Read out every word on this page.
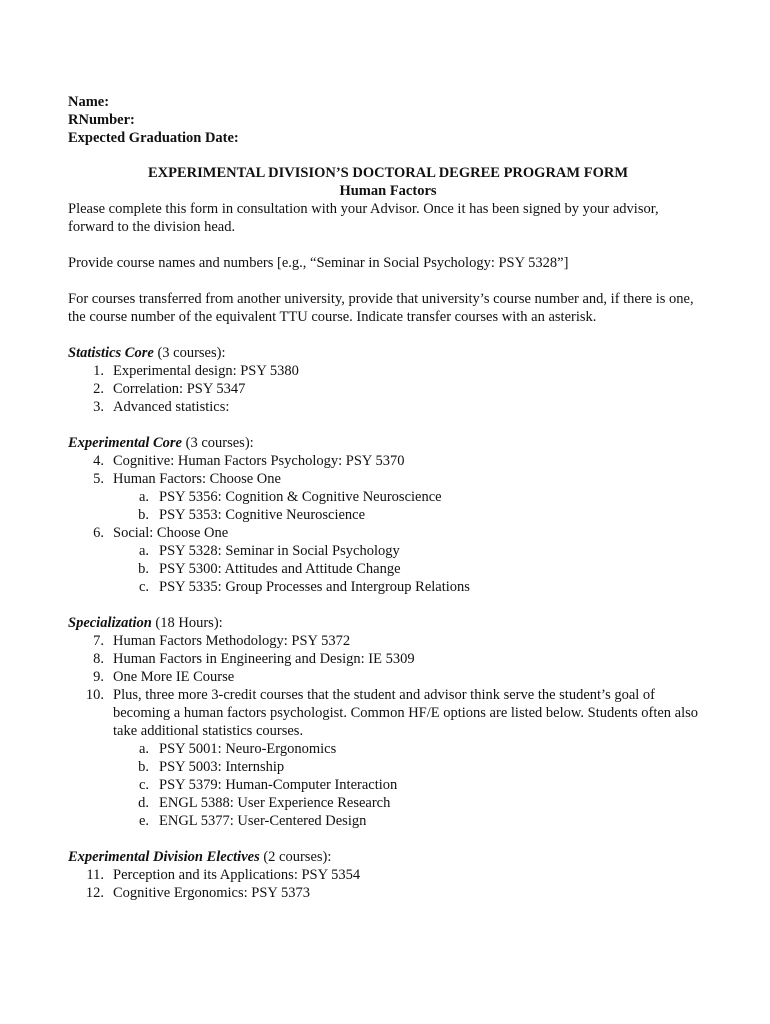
Name:
RNumber:
Expected Graduation Date:
EXPERIMENTAL DIVISION’S DOCTORAL DEGREE PROGRAM FORM
Human Factors
Please complete this form in consultation with your Advisor. Once it has been signed by your advisor, forward to the division head.
Provide course names and numbers [e.g., “Seminar in Social Psychology: PSY 5328”]
For courses transferred from another university, provide that university’s course number and, if there is one, the course number of the equivalent TTU course. Indicate transfer courses with an asterisk.
Statistics Core (3 courses):
1. Experimental design: PSY 5380
2. Correlation: PSY 5347
3. Advanced statistics:
Experimental Core (3 courses):
4. Cognitive: Human Factors Psychology: PSY 5370
5. Human Factors: Choose One
a. PSY 5356: Cognition & Cognitive Neuroscience
b. PSY 5353: Cognitive Neuroscience
6. Social: Choose One
a. PSY 5328: Seminar in Social Psychology
b. PSY 5300: Attitudes and Attitude Change
c. PSY 5335: Group Processes and Intergroup Relations
Specialization (18 Hours):
7. Human Factors Methodology: PSY 5372
8. Human Factors in Engineering and Design: IE 5309
9. One More IE Course
10. Plus, three more 3-credit courses that the student and advisor think serve the student’s goal of becoming a human factors psychologist. Common HF/E options are listed below. Students often also take additional statistics courses.
a. PSY 5001: Neuro-Ergonomics
b. PSY 5003: Internship
c. PSY 5379: Human-Computer Interaction
d. ENGL 5388: User Experience Research
e. ENGL 5377: User-Centered Design
Experimental Division Electives (2 courses):
11. Perception and its Applications: PSY 5354
12. Cognitive Ergonomics: PSY 5373
